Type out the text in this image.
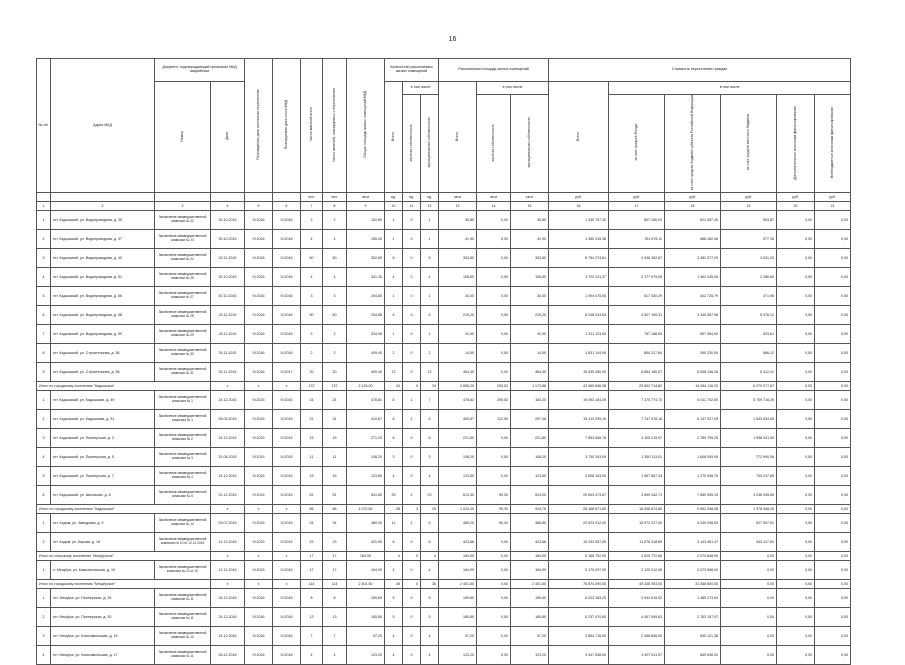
16
№ п/п	Адрес МКД	Документ, подтверждающий признание МКД аварийным		Планируемая дата окончания переселения	Планируемая дата сноса МКД	Число жителей всего	Число жителей, планируемых к переселению	Общая площадь жилых помещений МКД	Количество расселяемых жилых помещений			Расселяемая площадь жилых помещений			Стоимость переселения граждан						
		Номер	Дата						Всего	в том числе		Всего	в том числе		Всего	в том числе					
										частная собственность	муниципальная собственность		частная собственность	муниципальная собственность		за счет средств Фонда	за счет средств бюджета субъекта Российской Федерации	за счет средств местного бюджета	Дополнительные источники финансирования	Внебюджетные источники финансирования	

						чел.	чел.	кв.м	ед.	ед.	ед.	кв.м	кв.м	кв.м	руб.	руб.	руб.	руб.	руб.	руб.	
1	2	3	4	5	6	7	8	9	10	11	12	13	14	15	16	17	18	19	20	21	
1	пгт. Кадошский, ул. Водопроводная, д. 35	Заключение межведомственной комиссии № 22	30.10.2015	IV.2016	IV.2016	2	2	152,80	1	0	1	45,80	0,00	45,80	1 430 757,30	807 106,94	621 057,49	593,87	0,00	0,00	
2	пгт. Кадошский, ул. Водопроводная, д. 37	Заключение межведомственной комиссии № 23	30.10.2015	IV.2016	IV.2016	4	4	155,40	1	0	1	41,90	0,00	41,90	1 350 315,36	761 676,11	586 162,08	577,16	0,00	0,00	
3	пгт. Кадошский, ул. Водопроводная, д. 40	Заключение межведомственной комиссии № 24	20.11.2015	IV.2016	IV.2016	50	50	352,60	6	0	6	303,80	0,00	303,80	8 754 274,81	4 938 362,87	3 382 577,29	3 631,20	0,00	0,00	
4	пгт. Кадошский, ул. Водопроводная, д. 51	Заключение межведомственной комиссии № 25	30.10.2015	IV.2016	IV.2016	4	4	341,30	4	0	4	106,60	0,00	106,60	3 702 311,37	2 177 979,65	1 462 045,06	2 286,65	0,00	0,00	
5	пгт. Кадошский, ул. Водопроводная, д. 56	Заключение межведомственной комиссии № 27	30.10.2015	IV.2016	IV.2016	3	3	254,80	1	0	1	34,40	0,00	34,40	1 094 475,50	617 340,29	442 728,79	471,96	0,00	0,00	
6	пгт. Кадошский, ул. Водопроводная, д. 58	Заключение межведомственной комиссии № 28	20.11.2015	IV.2016	IV.2016	50	50	234,86	6	0	6	219,20	0,00	219,20	8 248 313,63	4 927 199,31	3 340 087,98	5 476,12	0,00	0,00	
7	пгт. Кадошский, ул. Водопроводная, д. 59	Заключение межведомственной комиссии № 29	20.11.2015	IV.2016	IV.2016	2	2	334,90	1	0	1	41,90	0,00	41,90	1 311 123,53	757 168,53	557 084,92	533,61	0,00	0,00	
8	пгт. Кадошский, ул. Строительная, д. 56	Заключение межведомственной комиссии № 30	30.11.2015	IV.2016	IV.2016	2	2	409,40	2	0	2	14,50	0,00	14,50	1 631 144,99	854 217,84	390 230,00	666,12	0,00	0,00	
9	пгт. Кадошский, ул. Строительная, д. 58	Заключение межведомственной комиссии № 31	30.11.2015	IV.2016	IV.2017	20	20	409,40	12	0	12	464,40	0,00	464,40	15 535 280,00	8 884 180,57	6 638 146,26	6 412,41	0,00	0,00	
Итого по городскому поселению "Кадошское"			x	x	x	137	137	2 125,00	34	0	34	2 895,20	293,52	1 173,86	43 969 656,38	25 802 714,82	18 084 116,20	6 079 077,87	0,00	0,00	
1	пгт. Кадошский, ул. Кадошская, д. 49	Заключение межведомственной комиссии № 1	24.12.2015	IV.2015	IV.2015	24	24	478,81	8	1	7	478,82	299,52	183,30	19 093 154,09	7 375 774,72	6 011 702,69	5 709 716,39	0,00	0,00	
2	пгт. Кадошский, ул. Кадошская, д. 51	Заключение межведомственной комиссии № 1	05.05.2015	IV.2015	IV.2015	31	31	410,67	8	2	6	409,67	112,59	297,08	15 413 295,19	7 747 478,16	6 147 027,09	1 543 834,60	0,00	0,00	
3	пгт. Кадошский, ул. Пионерская, д. 3	Заключение межведомственной комиссии № 2	24.12.2015	IV.2015	IV.2015	15	15	271,20	6	0	6	221,80	0,00	221,80	7 853 608,78	3 105 215,97	2 789 795,25	1 958 441,55	0,00	0,00	
4	пгт. Кадошский, ул. Пионерская, д. 5	Заключение межведомственной комиссии № 3	31.08.2015	IV.2015	IV.2015	11	11	108,20	3	0	3	108,20	0,00	108,20	3 730 343,09	1 350 113,01	1 608 059,95	772 990,06	0,00	0,00	
5	пгт. Кадошский, ул. Пионерская, д. 7	Заключение межведомственной комиссии № 4	24.12.2015	IV.2015	IV.2015	15	15	123,60	4	0	4	123,60	0,00	123,60	3 608 103,00	1 967 687,34	1 270 098,79	709 247,85	0,00	0,00	
6	пгт. Кадошский, ул. Школьная, д. 6	Заключение межведомственной комиссии № 5	22.12.2015	IV.2015	IV.2015	51	51	841,60	25	2	23	613,30	99,30	514,00	20 603 473,67	3 899 342,71	7 850 595,19	3 248 935,65	0,00	0,00	
Итого по городскому поселению "Кадошское"			x	x	x	86	86	1 072,50	28	3	25	1 024,10	99,30	924,78	28 368 871,80	18 598 674,80	9 652 098,08	1 978 498,40	0,00	0,00	
1	пгт. Кадом, ул. Заводская, д. 9	Заключение межведомственной комиссии № 14	09.07.2015	IV.2015	IV.2015	34	34	480,00	11	2	9	480,20	50,40	386,80	22 023 912,00	15 973 227,00	5 040 098,53	527 507,91	0,00	0,00	
2	пгт. Кадом, ул. Кирова, д. 18	Заключение межведомственной комиссии № 10 от 12.12.2016	12.12.2016	IV.2015	IV.2015	23	23	431,95	6	0	6	423,66	0,00	423,66	15 293 057,05	11 676 418,89	3 143 461,47	443 417,81	0,00	0,00	
Итого по сельскому поселению "Мещёрское"			x	x	x	17	17	164,99	4	0	4	164,99	0,00	164,99	5 168 702,00	3 625 772,66	2 074 848,00	0,00	0,00	0,00	
1	п. Мещёра, ул. Комсомольская, д. 19	Заключение межведомственной комиссии № 10 от 10	12.12.2016	IV.2015	IV.2015	17	17	164,99	4	0	4	164,99	0,00	164,99	5 179 297,00	3 125 012,96	2 073 968,00	0,00	0,00	0,00	
Итого по городскому поселению "Мещёрское"			x	x	x	114	114	2 401,50	36	0	36	2 401,50	0,00	2 401,50	76 874 390,00	49 438 393,00	31 368 800,00	0,00	0,00	0,00	
1	пгт. Мещёра, ул. Пионерская, д. 26	Заключение межведомственной комиссии № 11	26.12.2016	IV.2016	IV.2016	8	8	159,60	5	0	5	159,60	0,00	159,60	5 023 183,25	3 944 515,52	1 485 273,54	0,00	0,00	0,00	
2	пгт. Мещёра, ул. Пионерская, д. 30	Заключение межведомственной комиссии № 11	24.12.2016	IV.2016	IV.2016	13	13	165,80	5	0	5	165,80	0,00	165,80	5 237 470,60	4 407 549,83	2 153 157,97	0,00	0,00	0,00	
3	пгт. Мещёра, ул. Комсомольская, д. 15	Заключение межведомственной комиссии № 10	24.12.2016	IV.2016	IV.2016	7	7	97,20	4	0	4	97,20	0,00	97,20	3 864 716,00	2 466 846,00	630 121,38	0,00	0,00	0,00	
4	пгт. Мещёра, ул. Комсомольская, д. 17	Заключение межведомственной комиссии № 11	26.12.2016	IV.2016	IV.2016	4	4	123,20	4	0	4	123,20	0,00	123,20	3 947 538,00	3 497 511,07	849 638,33	0,00	0,00	0,00	
